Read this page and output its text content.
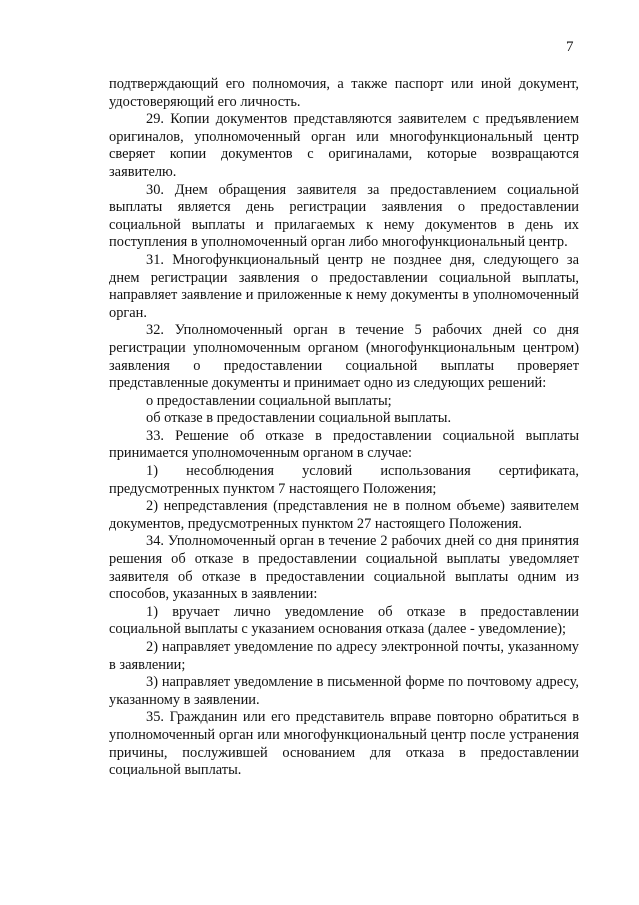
7

подтверждающий его полномочия, а также паспорт или иной документ, удостоверяющий его личность.

29. Копии документов представляются заявителем с предъявлением оригиналов, уполномоченный орган или многофункциональный центр сверяет копии документов с оригиналами, которые возвращаются заявителю.

30. Днем обращения заявителя за предоставлением социальной выплаты является день регистрации заявления о предоставлении социальной выплаты и прилагаемых к нему документов в день их поступления в уполномоченный орган либо многофункциональный центр.

31. Многофункциональный центр не позднее дня, следующего за днем регистрации заявления о предоставлении социальной выплаты, направляет заявление и приложенные к нему документы в уполномоченный орган.

32. Уполномоченный орган в течение 5 рабочих дней со дня регистрации уполномоченным органом (многофункциональным центром) заявления о предоставлении социальной выплаты проверяет представленные документы и принимает одно из следующих решений:

о предоставлении социальной выплаты;

об отказе в предоставлении социальной выплаты.

33. Решение об отказе в предоставлении социальной выплаты принимается уполномоченным органом в случае:

1) несоблюдения условий использования сертификата, предусмотренных пунктом 7 настоящего Положения;

2) непредставления (представления не в полном объеме) заявителем документов, предусмотренных пунктом 27 настоящего Положения.

34. Уполномоченный орган в течение 2 рабочих дней со дня принятия решения об отказе в предоставлении социальной выплаты уведомляет заявителя об отказе в предоставлении социальной выплаты одним из способов, указанных в заявлении:

1) вручает лично уведомление об отказе в предоставлении социальной выплаты с указанием основания отказа (далее - уведомление);

2) направляет уведомление по адресу электронной почты, указанному в заявлении;

3) направляет уведомление в письменной форме по почтовому адресу, указанному в заявлении.

35. Гражданин или его представитель вправе повторно обратиться в уполномоченный орган или многофункциональный центр после устранения причины, послужившей основанием для отказа в предоставлении социальной выплаты.
